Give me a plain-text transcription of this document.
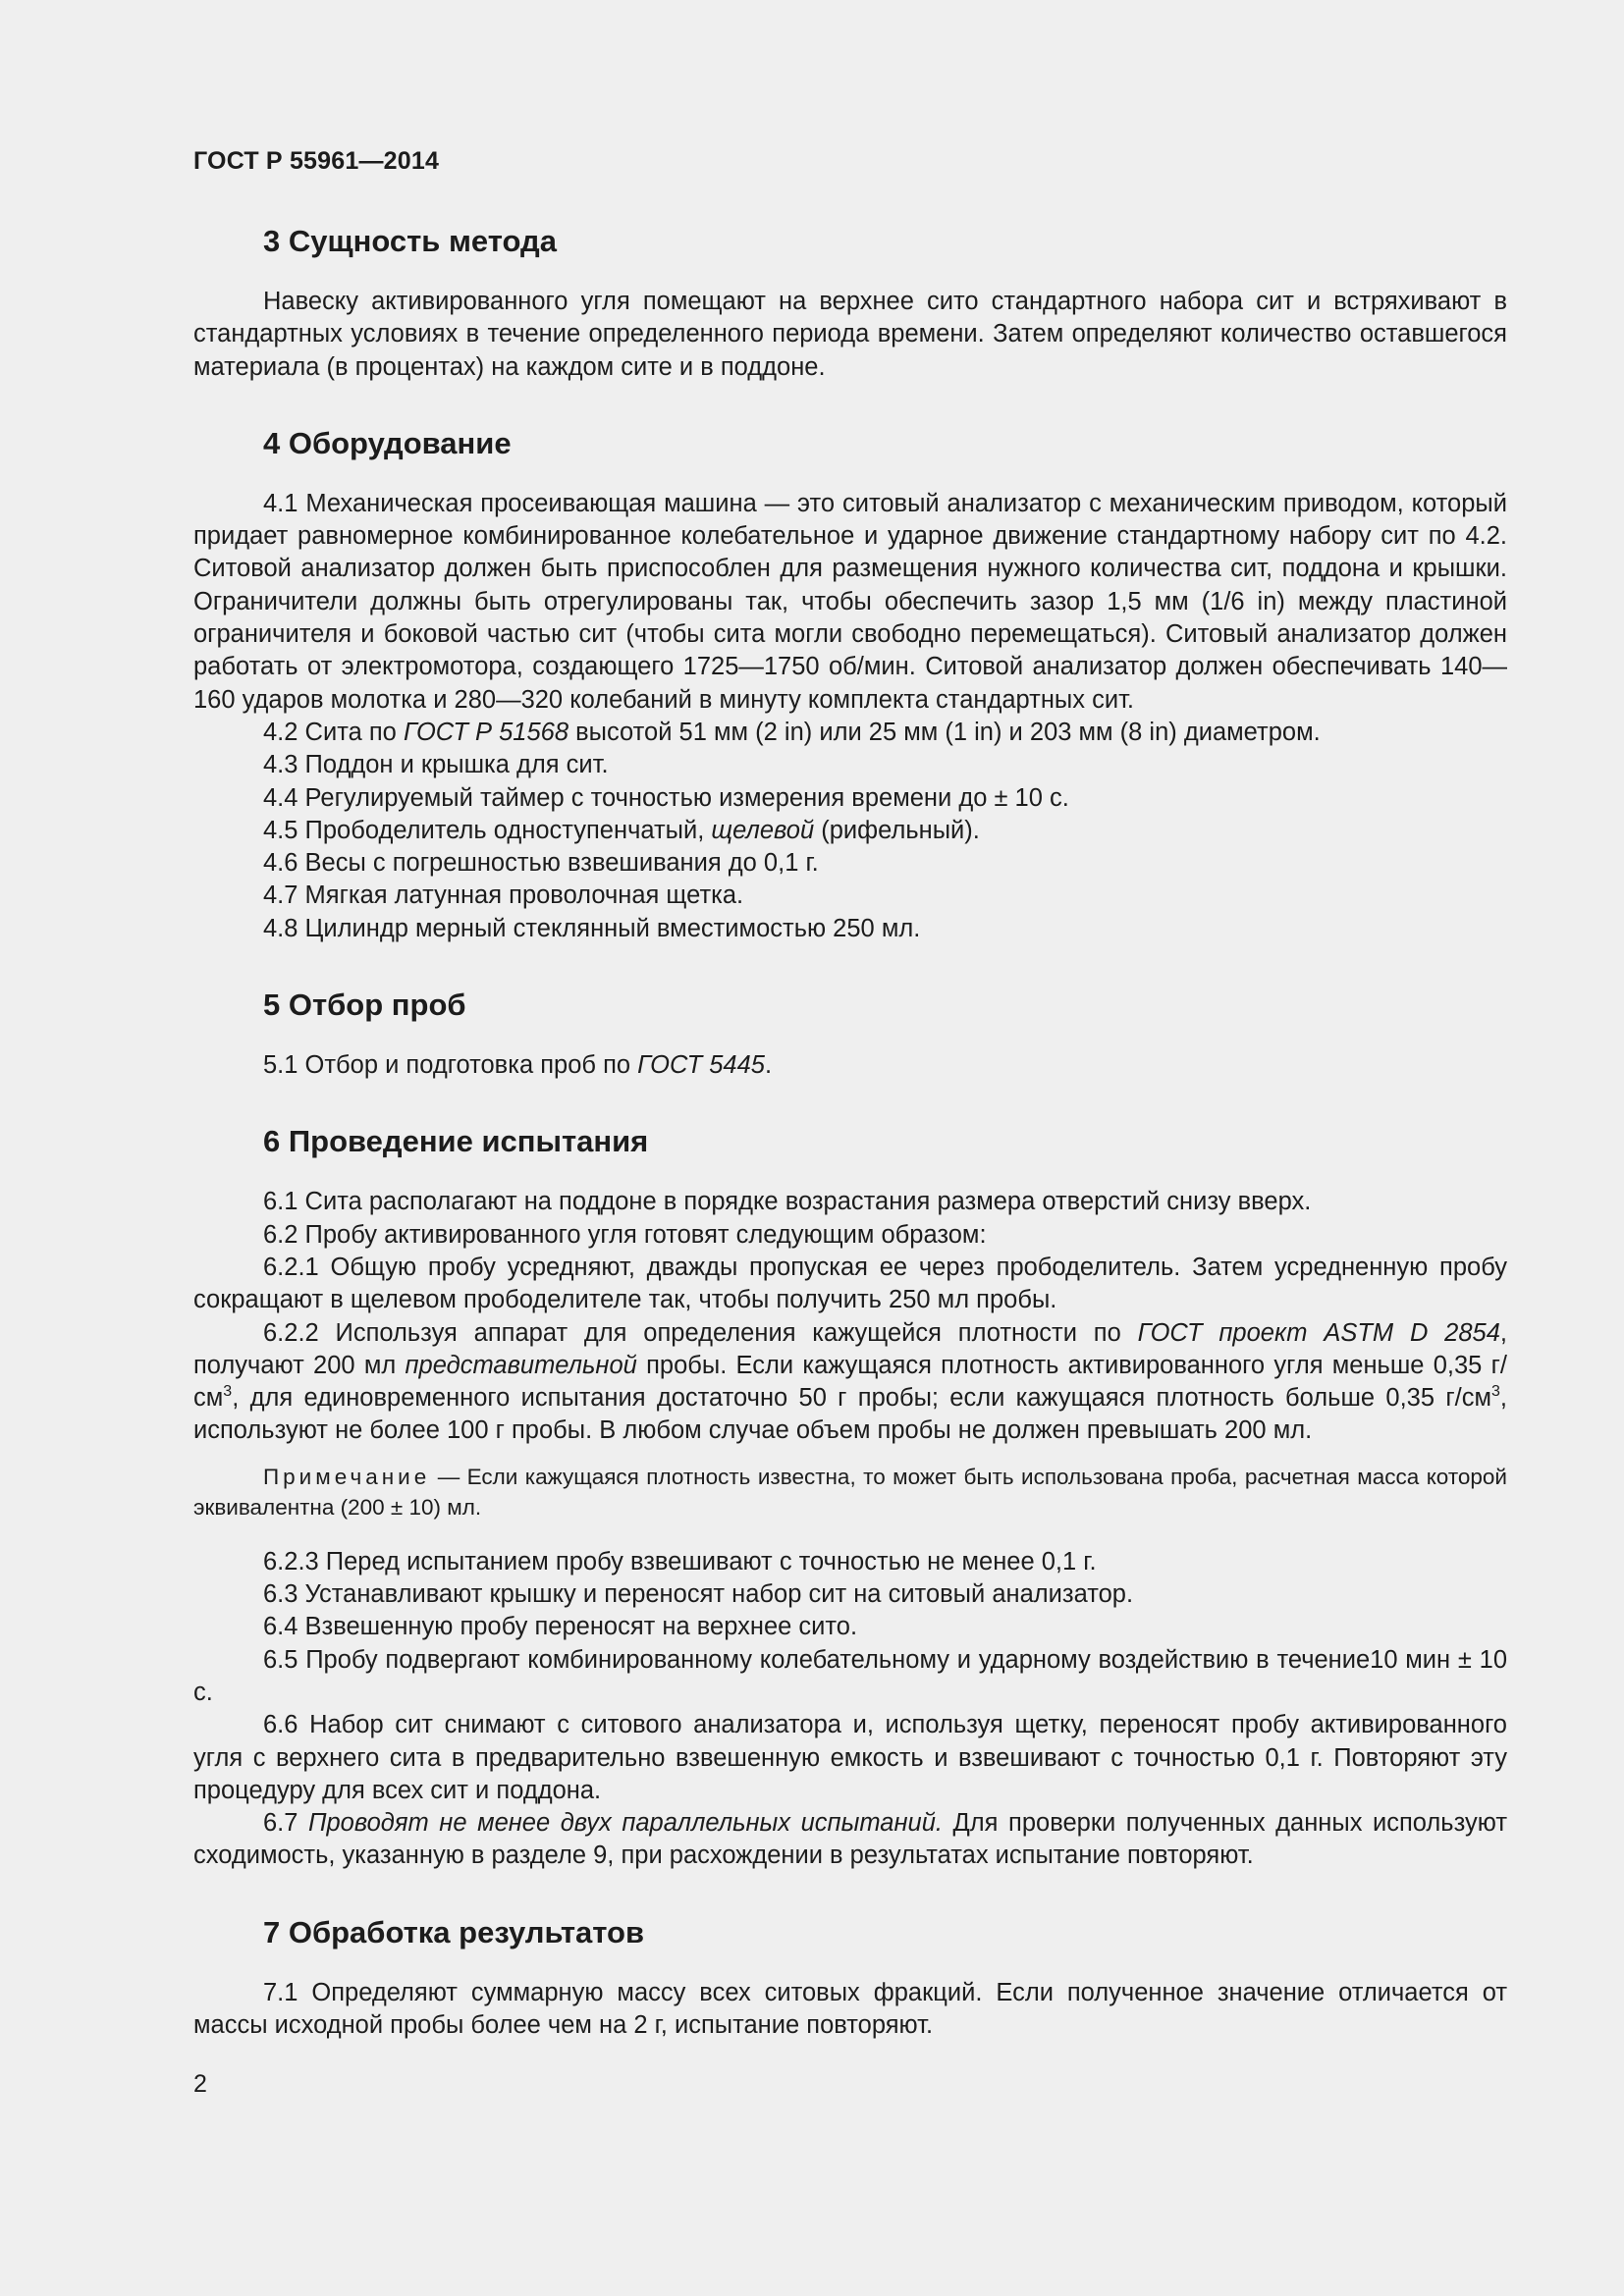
ГОСТ Р 55961—2014
3 Сущность метода

Навеску активированного угля помещают на верхнее сито стандартного набора сит и встряхивают в стандартных условиях в течение определенного периода времени. Затем определяют количество оставшегося материала (в процентах) на каждом сите и в поддоне.

4 Оборудование

4.1 Механическая просеивающая машина — это ситовый анализатор с механическим приводом, который придает равномерное комбинированное колебательное и ударное движение стандартному набору сит по 4.2. Ситовой анализатор должен быть приспособлен для размещения нужного количества сит, поддона и крышки. Ограничители должны быть отрегулированы так, чтобы обеспечить зазор 1,5 мм (1/6 in) между пластиной ограничителя и боковой частью сит (чтобы сита могли свободно перемещаться). Ситовый анализатор должен работать от электромотора, создающего 1725—1750 об/мин. Ситовой анализатор должен обеспечивать 140—160 ударов молотка и 280—320 колебаний в минуту комплекта стандартных сит.

4.2 Сита по ГОСТ Р 51568 высотой 51 мм (2 in) или 25 мм (1 in) и 203 мм (8 in) диаметром.

4.3 Поддон и крышка для сит.

4.4 Регулируемый таймер с точностью измерения времени до ± 10 с.

4.5 Прободелитель одноступенчатый, щелевой (рифельный).

4.6 Весы с погрешностью взвешивания до 0,1 г.

4.7 Мягкая латунная проволочная щетка.

4.8 Цилиндр мерный стеклянный вместимостью 250 мл.

5 Отбор проб

5.1 Отбор и подготовка проб по ГОСТ 5445.

6 Проведение испытания

6.1 Сита располагают на поддоне в порядке возрастания размера отверстий снизу вверх.

6.2 Пробу активированного угля готовят следующим образом:

6.2.1 Общую пробу усредняют, дважды пропуская ее через прободелитель. Затем усредненную пробу сокращают в щелевом прободелителе так, чтобы получить 250 мл пробы.

6.2.2 Используя аппарат для определения кажущейся плотности по ГОСТ проект ASTM D 2854, получают 200 мл представительной пробы. Если кажущаяся плотность активированного угля меньше 0,35 $г/см^3$, для единовременного испытания достаточно 50 г пробы; если кажущаяся плотность больше 0,35 $г/см^3$, используют не более 100 г пробы. В любом случае объем пробы не должен превышать 200 мл.

Примечание — Если кажущаяся плотность известна, то может быть использована проба, расчетная масса которой эквивалентна (200 ± 10) мл.

6.2.3 Перед испытанием пробу взвешивают с точностью не менее 0,1 г.

6.3 Устанавливают крышку и переносят набор сит на ситовый анализатор.

6.4 Взвешенную пробу переносят на верхнее сито.

6.5 Пробу подвергают комбинированному колебательному и ударному воздействию в течение10 мин ± 10 с.

6.6 Набор сит снимают с ситового анализатора и, используя щетку, переносят пробу активированного угля с верхнего сита в предварительно взвешенную емкость и взвешивают с точностью 0,1 г. Повторяют эту процедуру для всех сит и поддона.

6.7 Проводят не менее двух параллельных испытаний. Для проверки полученных данных используют сходимость, указанную в разделе 9, при расхождении в результатах испытание повторяют.

7 Обработка результатов

7.1 Определяют суммарную массу всех ситовых фракций. Если полученное значение отличается от массы исходной пробы более чем на 2 г, испытание повторяют.

2
